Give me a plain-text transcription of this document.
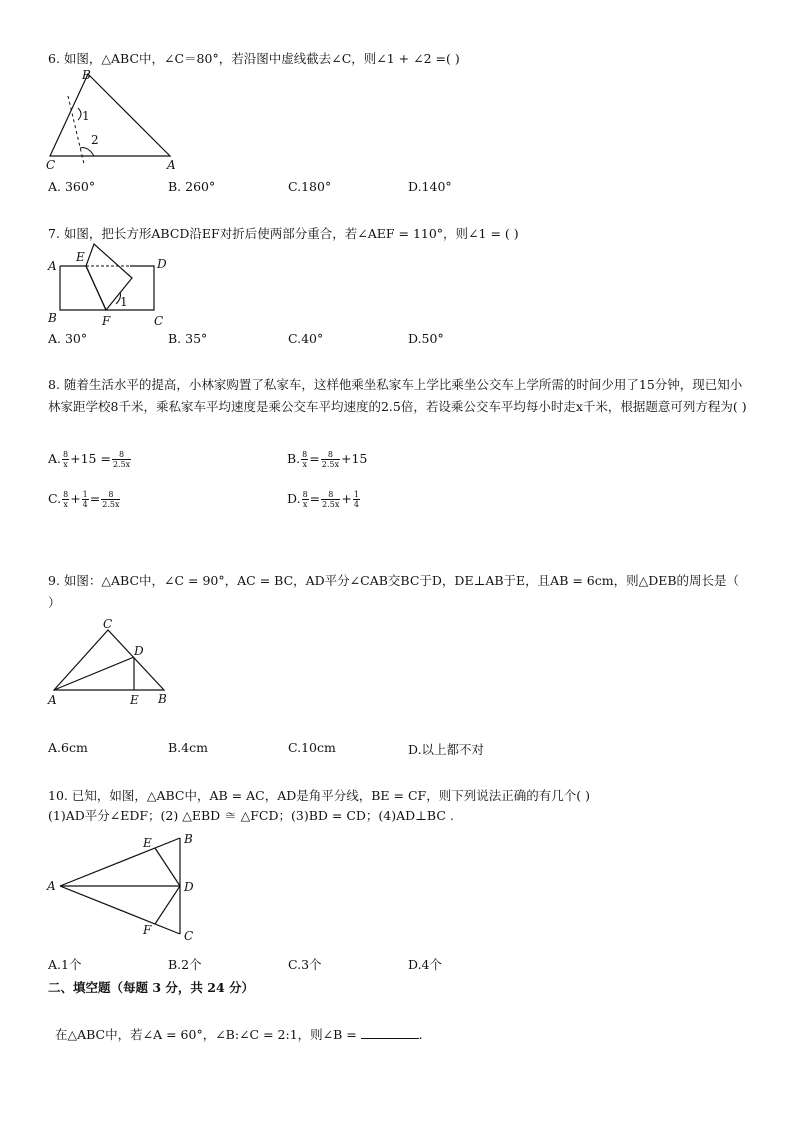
6. 如图，△ABC中，∠C＝80°，若沿图中虚线截去∠C，则∠1 + ∠2 =( )
B
A
C
1
2
A. 360°	B. 260°	C.180°	D.140°
7. 如图，把长方形ABCD沿EF对折后使两部分重合，若∠AEF = 110°，则∠1 = ( )
A
E	D
B	F	C
1
A. 30°	B. 35°	C.40°	D.50°
8. 随着生活水平的提高，小林家购置了私家车，这样他乘坐私家车上学比乘坐公交车上学所需的时间少用了15分钟，现已知小林家距学校8千米，乘私家车平均速度是乘公交车平均速度的2.5倍，若设乘公交车平均每小时走x千米，根据题意可列方程为( )
A. $\frac{8}{x} +15 = \frac{8}{2.5x}$	B. $\frac{8}{x} = \frac{8}{2.5x} +15$
C. $\frac{8}{x} + \frac{1}{4} = \frac{8}{2.5x}$	D. $\frac{8}{x} = \frac{8}{2.5x} + \frac{1}{4}$
9. 如图：△ABC中，∠C = 90°，AC = BC，AD平分∠CAB交BC于D，DE⊥AB于E，且AB = 6cm，则△DEB的周长是（ ）
C
D
A	E B
A.6cm	B.4cm	C.10cm	D.以上都不对
10. 已知，如图，△ABC中，AB = AC，AD是角平分线，BE = CF，则下列说法正确的有几个( )
(1)AD平分∠EDF；(2) △EBD ≅ △FCD；(3)BD = CD；(4)AD⊥BC .
E	B
A	D
F	C
A.1个	B.2个	C.3个	D.4个
二、填空题（每题 3 分，共 24 分）
在△ABC中，若∠A = 60°，∠B:∠C = 2:1，则∠B =	.
